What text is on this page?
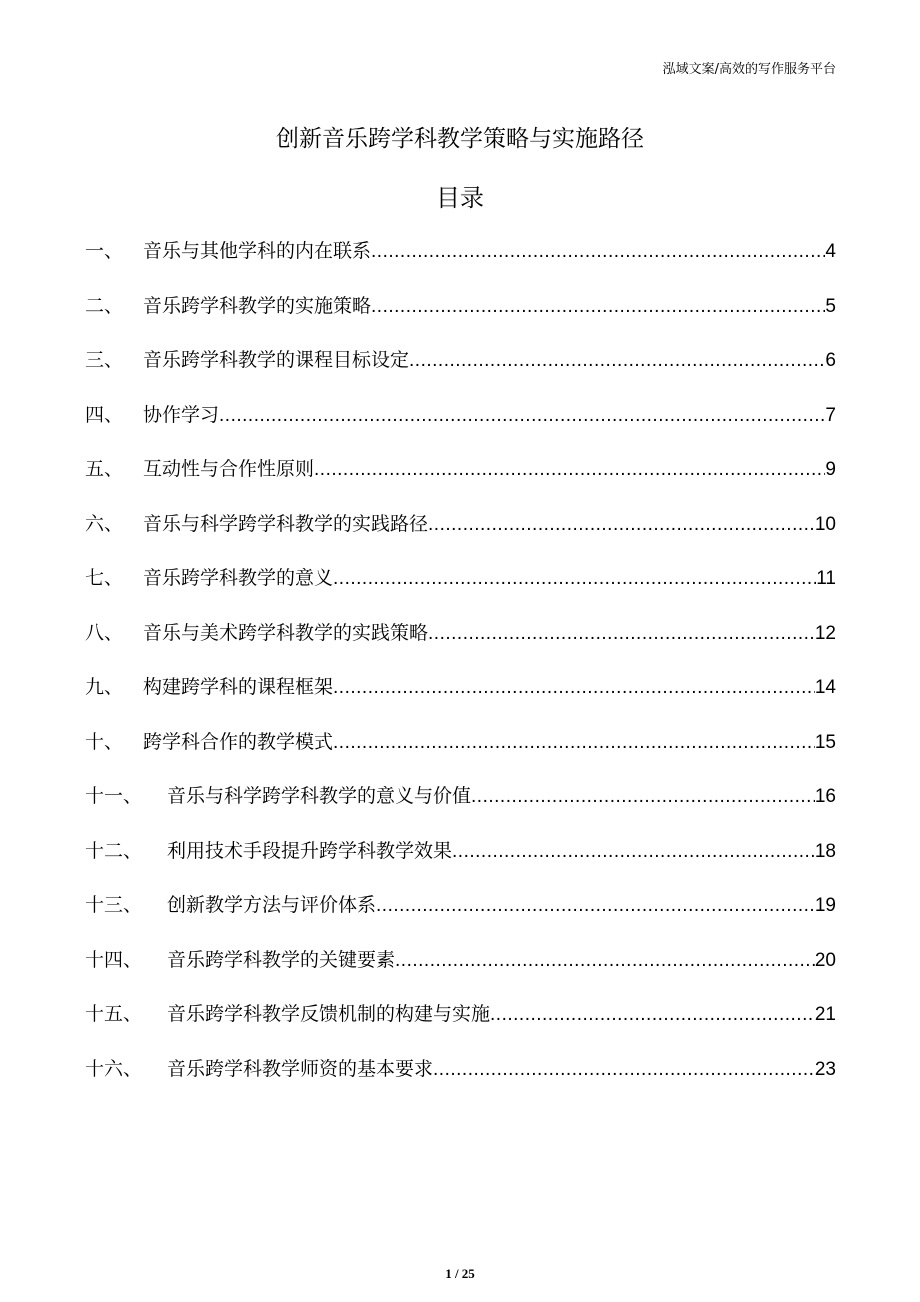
泓域文案/高效的写作服务平台
创新音乐跨学科教学策略与实施路径
目录
一、	音乐与其他学科的内在联系 .....	4
二、	音乐跨学科教学的实施策略 .....	5
三、	音乐跨学科教学的课程目标设定 .....	6
四、	协作学习 .....	7
五、	互动性与合作性原则 .....	9
六、	音乐与科学跨学科教学的实践路径 .....	10
七、	音乐跨学科教学的意义 .....	11
八、	音乐与美术跨学科教学的实践策略 .....	12
九、	构建跨学科的课程框架 .....	14
十、	跨学科合作的教学模式 .....	15
十一、	音乐与科学跨学科教学的意义与价值 .....	16
十二、	利用技术手段提升跨学科教学效果 .....	18
十三、	创新教学方法与评价体系 .....	19
十四、	音乐跨学科教学的关键要素 .....	20
十五、	音乐跨学科教学反馈机制的构建与实施 .....	21
十六、	音乐跨学科教学师资的基本要求 .....	23
1 / 25
